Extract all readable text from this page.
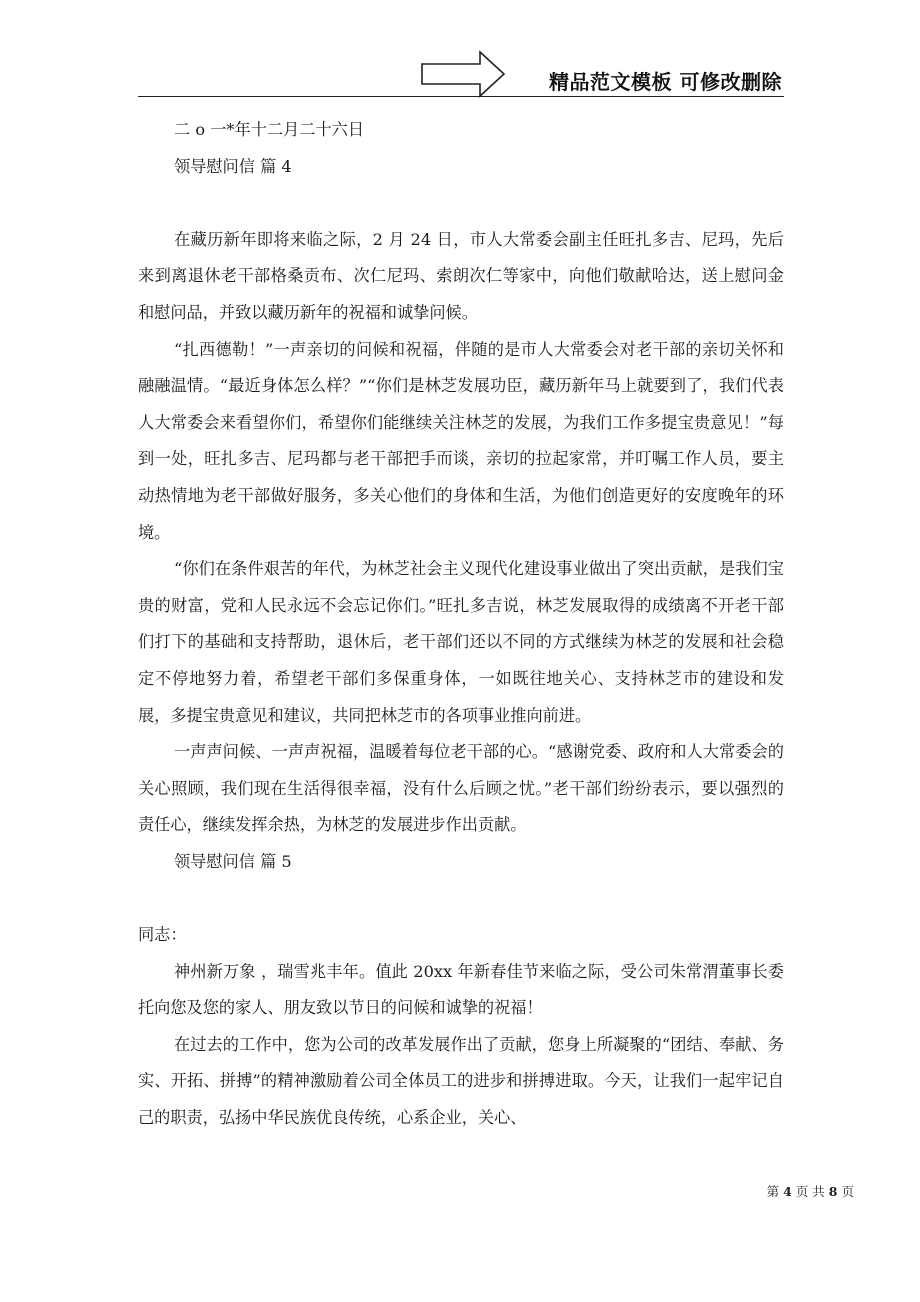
精品范文模板 可修改删除

二 o 一*年十二月二十六日

领导慰问信 篇 4

在藏历新年即将来临之际，2 月 24 日，市人大常委会副主任旺扎多吉、尼玛，先后来到离退休老干部格桑贡布、次仁尼玛、索朗次仁等家中，向他们敬献哈达，送上慰问金和慰问品，并致以藏历新年的祝福和诚挚问候。

“扎西德勒！”一声亲切的问候和祝福，伴随的是市人大常委会对老干部的亲切关怀和融融温情。“最近身体怎么样？”“你们是林芝发展功臣，藏历新年马上就要到了，我们代表人大常委会来看望你们，希望你们能继续关注林芝的发展，为我们工作多提宝贵意见！”每到一处，旺扎多吉、尼玛都与老干部把手而谈，亲切的拉起家常，并叮嘱工作人员，要主动热情地为老干部做好服务，多关心他们的身体和生活，为他们创造更好的安度晚年的环境。

“你们在条件艰苦的年代，为林芝社会主义现代化建设事业做出了突出贡献，是我们宝贵的财富，党和人民永远不会忘记你们。”旺扎多吉说，林芝发展取得的成绩离不开老干部们打下的基础和支持帮助，退休后，老干部们还以不同的方式继续为林芝的发展和社会稳定不停地努力着，希望老干部们多保重身体，一如既往地关心、支持林芝市的建设和发展，多提宝贵意见和建议，共同把林芝市的各项事业推向前进。

一声声问候、一声声祝福，温暖着每位老干部的心。“感谢党委、政府和人大常委会的关心照顾，我们现在生活得很幸福，没有什么后顾之忧。”老干部们纷纷表示，要以强烈的责任心，继续发挥余热，为林芝的发展进步作出贡献。

领导慰问信 篇 5

同志：

神州新万象 ，瑞雪兆丰年。值此 20xx 年新春佳节来临之际，受公司朱常渭董事长委托向您及您的家人、朋友致以节日的问候和诚挚的祝福！

在过去的工作中，您为公司的改革发展作出了贡献，您身上所凝聚的“团结、奉献、务实、开拓、拼搏”的精神激励着公司全体员工的进步和拼搏进取。今天，让我们一起牢记自己的职责，弘扬中华民族优良传统，心系企业，关心、

第 4 页 共 8 页
